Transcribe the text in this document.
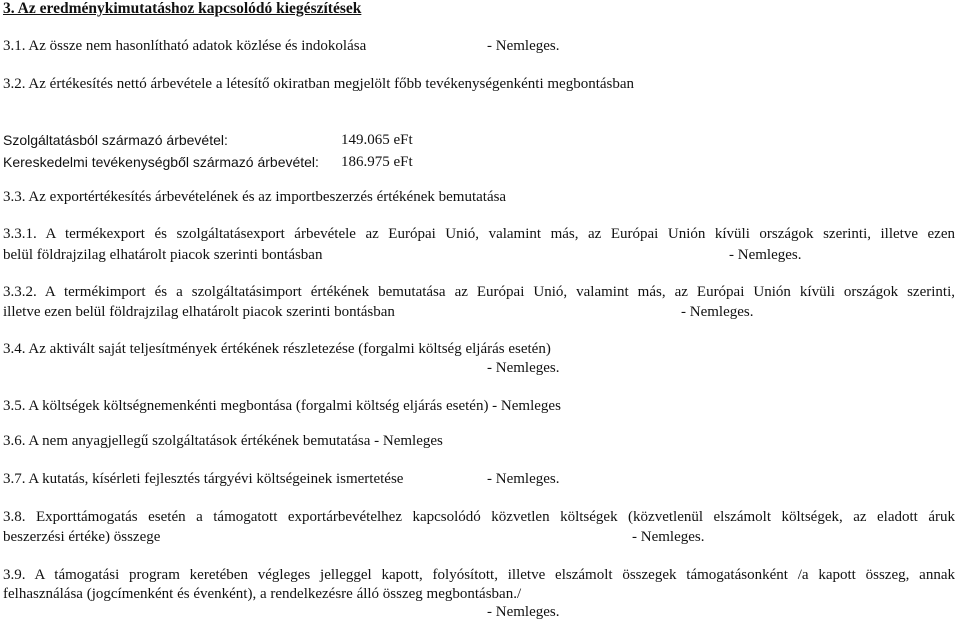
3. Az eredménykimutatáshoz kapcsolódó kiegészítések
3.1. Az össze nem hasonlítható adatok közlése és indokolása	- Nemleges.
3.2. Az értékesítés nettó árbevétele a létesítő okiratban megjelölt főbb tevékenységenkénti megbontásban
Szolgáltatásból származó árbevétel:	149.065 eFt
Kereskedelmi tevékenységből származó árbevétel: 186.975 eFt
3.3. Az exportértékesítés árbevételének és az importbeszerzés értékének bemutatása
3.3.1. A termékexport és szolgáltatásexport árbevétele az Európai Unió, valamint más, az Európai Unión kívüli országok szerinti, illetve ezen
belül földrajzilag elhatárolt piacok szerinti bontásban	- Nemleges.
3.3.2. A termékimport és a szolgáltatásimport értékének bemutatása az Európai Unió, valamint más, az Európai Unión kívüli országok szerinti,
illetve ezen belül földrajzilag elhatárolt piacok szerinti bontásban	- Nemleges.
3.4. Az aktivált saját teljesítmények értékének részletezése (forgalmi költség eljárás esetén)
- Nemleges.
3.5. A költségek költségnemenkénti megbontása (forgalmi költség eljárás esetén) - Nemleges
3.6. A nem anyagjellegű szolgáltatások értékének bemutatása - Nemleges
3.7. A kutatás, kísérleti fejlesztés tárgyévi költségeinek ismertetése	- Nemleges.
3.8. Exporttámogatás esetén a támogatott exportárbevételhez kapcsolódó közvetlen költségek (közvetlenül elszámolt költségek, az eladott áruk
beszerzési értéke) összege	- Nemleges.
3.9. A támogatási program keretében végleges jelleggel kapott, folyósított, illetve elszámolt összegek támogatásonként /a kapott összeg, annak
felhasználása (jogcímenként és évenként), a rendelkezésre álló összeg megbontásban./
- Nemleges.
